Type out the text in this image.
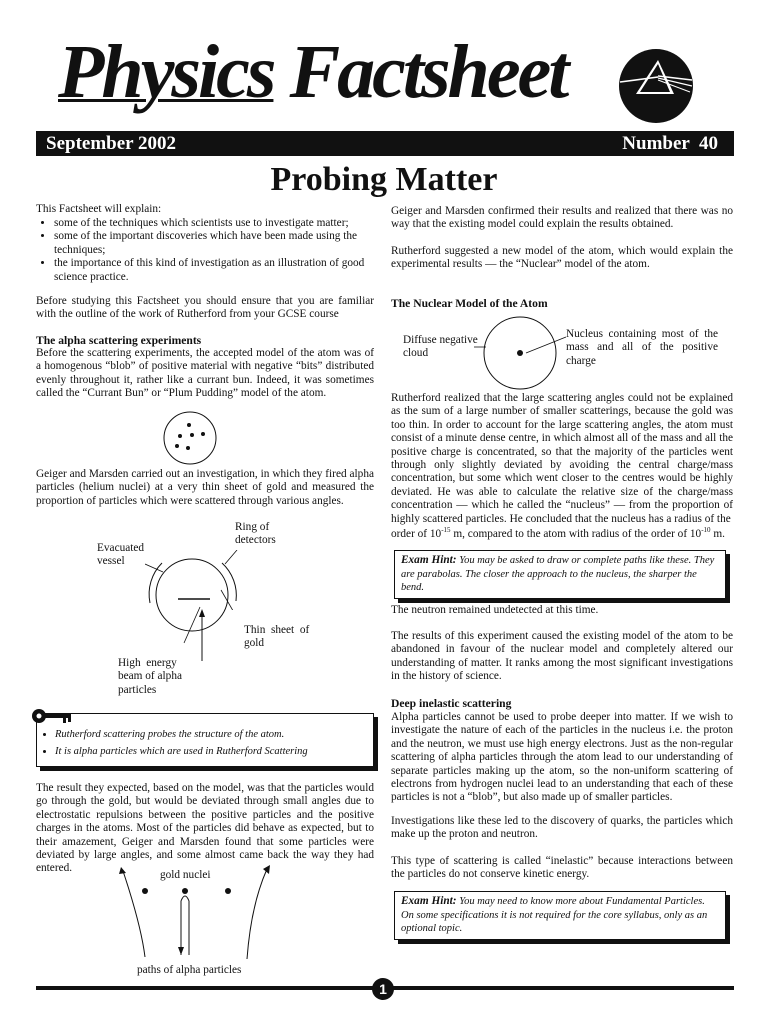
Physics Factsheet
September 2002	Number  40
Probing Matter

This Factsheet will explain:

• some of the techniques which scientists use to investigate matter;
• some of the important discoveries which have been made using the techniques;
• the importance of this kind of investigation as an illustration of good science practice.

Before studying this Factsheet you should ensure that you are familiar with the outline of the work of Rutherford from your GCSE course

The alpha scattering experiments

Before the scattering experiments, the accepted model of the atom was of a homogenous “blob” of positive material with negative “bits” distributed evenly throughout it, rather like a currant bun. Indeed, it was sometimes called the “Currant Bun” or “Plum Pudding” model of the atom.

Geiger and Marsden carried out an investigation, in which they fired alpha particles (helium nuclei) at a very thin sheet of gold and measured the proportion of particles which were scattered through various angles.

Ring of detectors
Evacuated vessel
Thin  sheet  of gold
High  energy beam of alpha particles
• Rutherford scattering probes the structure of the atom.
• It is alpha particles which are used in Rutherford Scattering

The result they expected, based on the model, was that the particles would go through the gold, but would be deviated through small angles due to electrostatic repulsions between the positive particles and the positive charges in the atoms. Most of the particles did behave as expected, but to their amazement, Geiger and Marsden found that some particles were deviated by large angles, and some almost came back the way they had entered.

gold nuclei
paths of alpha particles

Geiger and Marsden confirmed their results and realized that there was no way that the existing model could explain the results obtained.

Rutherford suggested a new model of the atom, which would explain the experimental results — the “Nuclear” model of the atom.

The Nuclear Model of the Atom

Diffuse negative cloud
Nucleus containing most of the mass and all of the positive charge

Rutherford realized that the large scattering angles could not be explained as the sum of a large number of smaller scatterings, because the gold was too thin. In order to account for the large scattering angles, the atom must consist of a minute dense centre, in which almost all of the mass and all the positive charge is concentrated, so that the majority of the particles went through only slightly deviated by avoiding the central charge/mass concentration, but some which went closer to the centres would be highly deviated. He was able to calculate the relative size of the charge/mass concentration — which he called the “nucleus” — from the proportion of highly scattered particles. He concluded that the nucleus has a radius of the

order of $10^{-15}$ m, compared to the atom with radius of the order of $10^{-10}$ m.

Exam Hint: You may be asked to draw or complete paths like these. They are parabolas. The closer the approach to the nucleus, the sharper the bend.

The neutron remained undetected at this time.

The results of this experiment caused the existing model of the atom to be abandoned in favour of the nuclear model and completely altered our understanding of matter. It ranks among the most significant investigations in the history of science.

Deep inelastic scattering

Alpha particles cannot be used to probe deeper into matter. If we wish to investigate the nature of each of the particles in the nucleus i.e. the proton and the neutron, we must use high energy electrons. Just as the non-regular scattering of alpha particles through the atom lead to our understanding of separate particles making up the atom, so the non-uniform scattering of electrons from hydrogen nuclei lead to an understanding that each of these particles is not a “blob”, but also made up of smaller particles.

Investigations like these led to the discovery of quarks, the particles which make up the proton and neutron.

This type of scattering is called “inelastic” because interactions between the particles do not conserve kinetic energy.

Exam Hint: You may need to know more about Fundamental Particles. On some specifications it is not required for the core syllabus, only as an optional topic.
1
